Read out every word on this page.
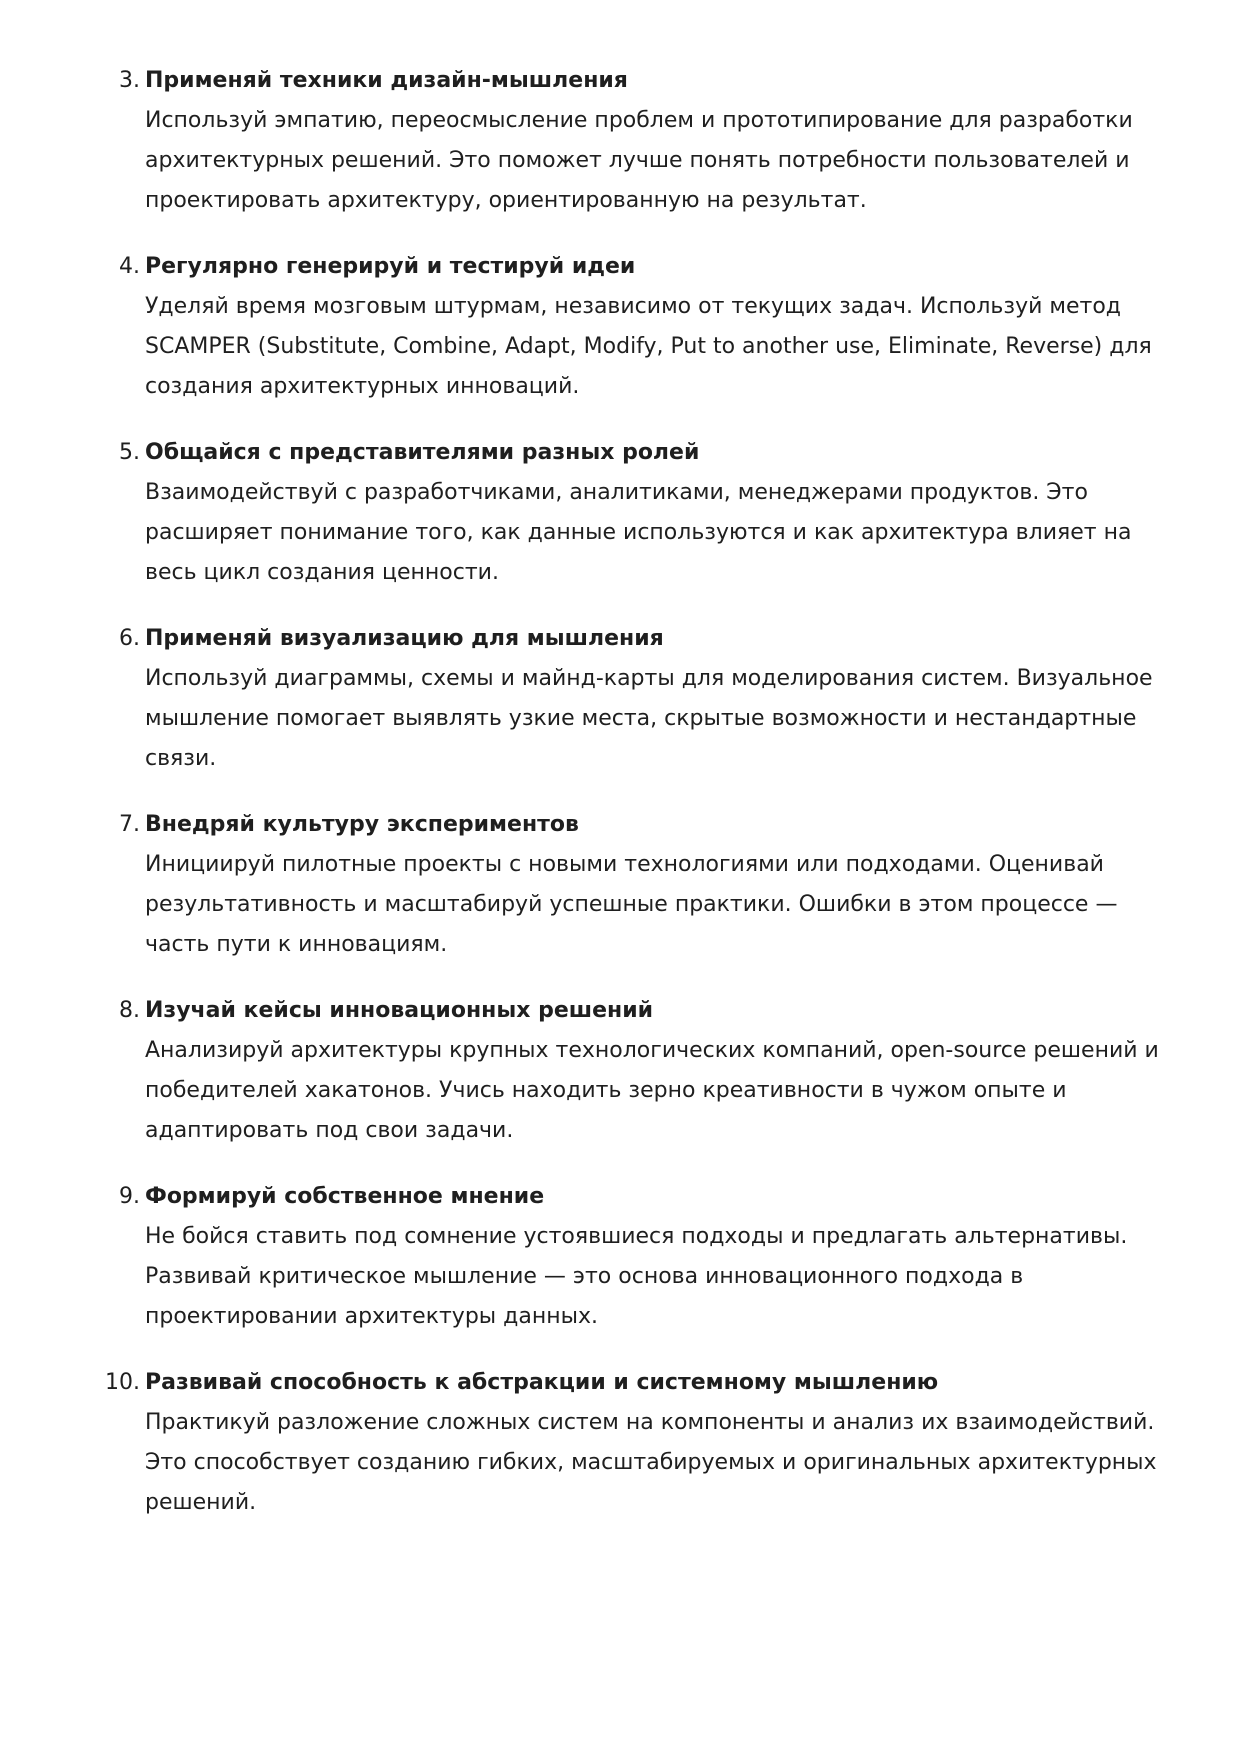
3. Применяй техники дизайн-мышления

Используй эмпатию, переосмысление проблем и прототипирование для разработки
архитектурных решений. Это поможет лучше понять потребности пользователей и
проектировать архитектуру, ориентированную на результат.

4. Регулярно генерируй и тестируй идеи

Уделяй время мозговым штурмам, независимо от текущих задач. Используй метод
SCAMPER (Substitute, Combine, Adapt, Modify, Put to another use, Eliminate, Reverse) для
создания архитектурных инноваций.

5. Общайся с представителями разных ролей

Взаимодействуй с разработчиками, аналитиками, менеджерами продуктов. Это
расширяет понимание того, как данные используются и как архитектура влияет на
весь цикл создания ценности.

6. Применяй визуализацию для мышления

Используй диаграммы, схемы и майнд-карты для моделирования систем. Визуальное
мышление помогает выявлять узкие места, скрытые возможности и нестандартные
связи.

7. Внедряй культуру экспериментов

Инициируй пилотные проекты с новыми технологиями или подходами. Оценивай
результативность и масштабируй успешные практики. Ошибки в этом процессе —
часть пути к инновациям.

8. Изучай кейсы инновационных решений

Анализируй архитектуры крупных технологических компаний, open-source решений и
победителей хакатонов. Учись находить зерно креативности в чужом опыте и
адаптировать под свои задачи.

9. Формируй собственное мнение

Не бойся ставить под сомнение устоявшиеся подходы и предлагать альтернативы.
Развивай критическое мышление — это основа инновационного подхода в
проектировании архитектуры данных.

10. Развивай способность к абстракции и системному мышлению

Практикуй разложение сложных систем на компоненты и анализ их взаимодействий.
Это способствует созданию гибких, масштабируемых и оригинальных архитектурных
решений.
